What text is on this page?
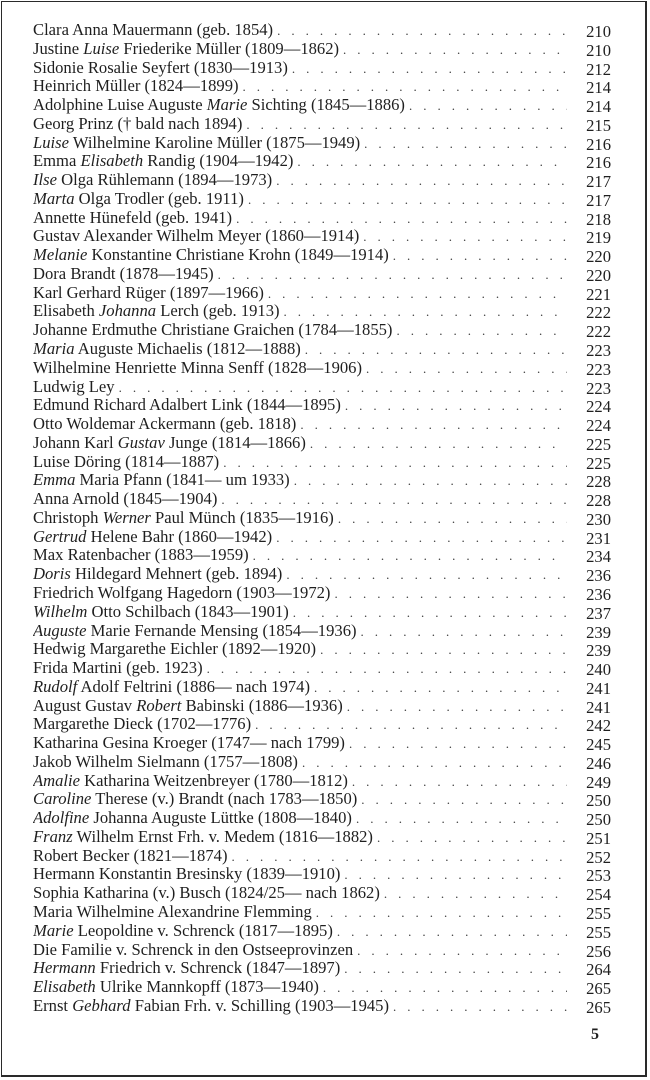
Clara Anna Mauermann (geb. 1854) .....	210
Justine Luise Friederike Müller (1809—1862) .....	210
Sidonie Rosalie Seyfert (1830—1913) .....	212
Heinrich Müller (1824—1899) .....	214
Adolphine Luise Auguste Marie Sichting (1845—1886) .....	214
Georg Prinz († bald nach 1894) .....	215
Luise Wilhelmine Karoline Müller (1875—1949) .....	216
Emma Elisabeth Randig (1904—1942) .....	216
Ilse Olga Rühlemann (1894—1973) .....	217
Marta Olga Trodler (geb. 1911) .....	217
Annette Hünefeld (geb. 1941) .....	218
Gustav Alexander Wilhelm Meyer (1860—1914) .....	219
Melanie Konstantine Christiane Krohn (1849—1914) .....	220
Dora Brandt (1878—1945) .....	220
Karl Gerhard Rüger (1897—1966) .....	221
Elisabeth Johanna Lerch (geb. 1913) .....	222
Johanne Erdmuthe Christiane Graichen (1784—1855) .....	222
Maria Auguste Michaelis (1812—1888) .....	223
Wilhelmine Henriette Minna Senff (1828—1906) .....	223
Ludwig Ley .....	223
Edmund Richard Adalbert Link (1844—1895) .....	224
Otto Woldemar Ackermann (geb. 1818) .....	224
Johann Karl Gustav Junge (1814—1866) .....	225
Luise Döring (1814—1887) .....	225
Emma Maria Pfann (1841— um 1933) .....	228
Anna Arnold (1845—1904) .....	228
Christoph Werner Paul Münch (1835—1916) .....	230
Gertrud Helene Bahr (1860—1942) .....	231
Max Ratenbacher (1883—1959) .....	234
Doris Hildegard Mehnert (geb. 1894) .....	236
Friedrich Wolfgang Hagedorn (1903—1972) .....	236
Wilhelm Otto Schilbach (1843—1901) .....	237
Auguste Marie Fernande Mensing (1854—1936) .....	239
Hedwig Margarethe Eichler (1892—1920) .....	239
Frida Martini (geb. 1923) .....	240
Rudolf Adolf Feltrini (1886— nach 1974) .....	241
August Gustav Robert Babinski (1886—1936) .....	241
Margarethe Dieck (1702—1776) .....	242
Katharina Gesina Kroeger (1747— nach 1799) .....	245
Jakob Wilhelm Sielmann (1757—1808) .....	246
Amalie Katharina Weitzenbreyer (1780—1812) .....	249
Caroline Therese (v.) Brandt (nach 1783—1850) .....	250
Adolfine Johanna Auguste Lüttke (1808—1840) .....	250
Franz Wilhelm Ernst Frh. v. Medem (1816—1882) .....	251
Robert Becker (1821—1874) .....	252
Hermann Konstantin Bresinsky (1839—1910) .....	253
Sophia Katharina (v.) Busch (1824/25— nach 1862) .....	254
Maria Wilhelmine Alexandrine Flemming .....	255
Marie Leopoldine v. Schrenck (1817—1895) .....	255
Die Familie v. Schrenck in den Ostseeprovinzen .....	256
Hermann Friedrich v. Schrenck (1847—1897) .....	264
Elisabeth Ulrike Mannkopff (1873—1940) .....	265
Ernst Gebhard Fabian Frh. v. Schilling (1903—1945) .....	265
5
